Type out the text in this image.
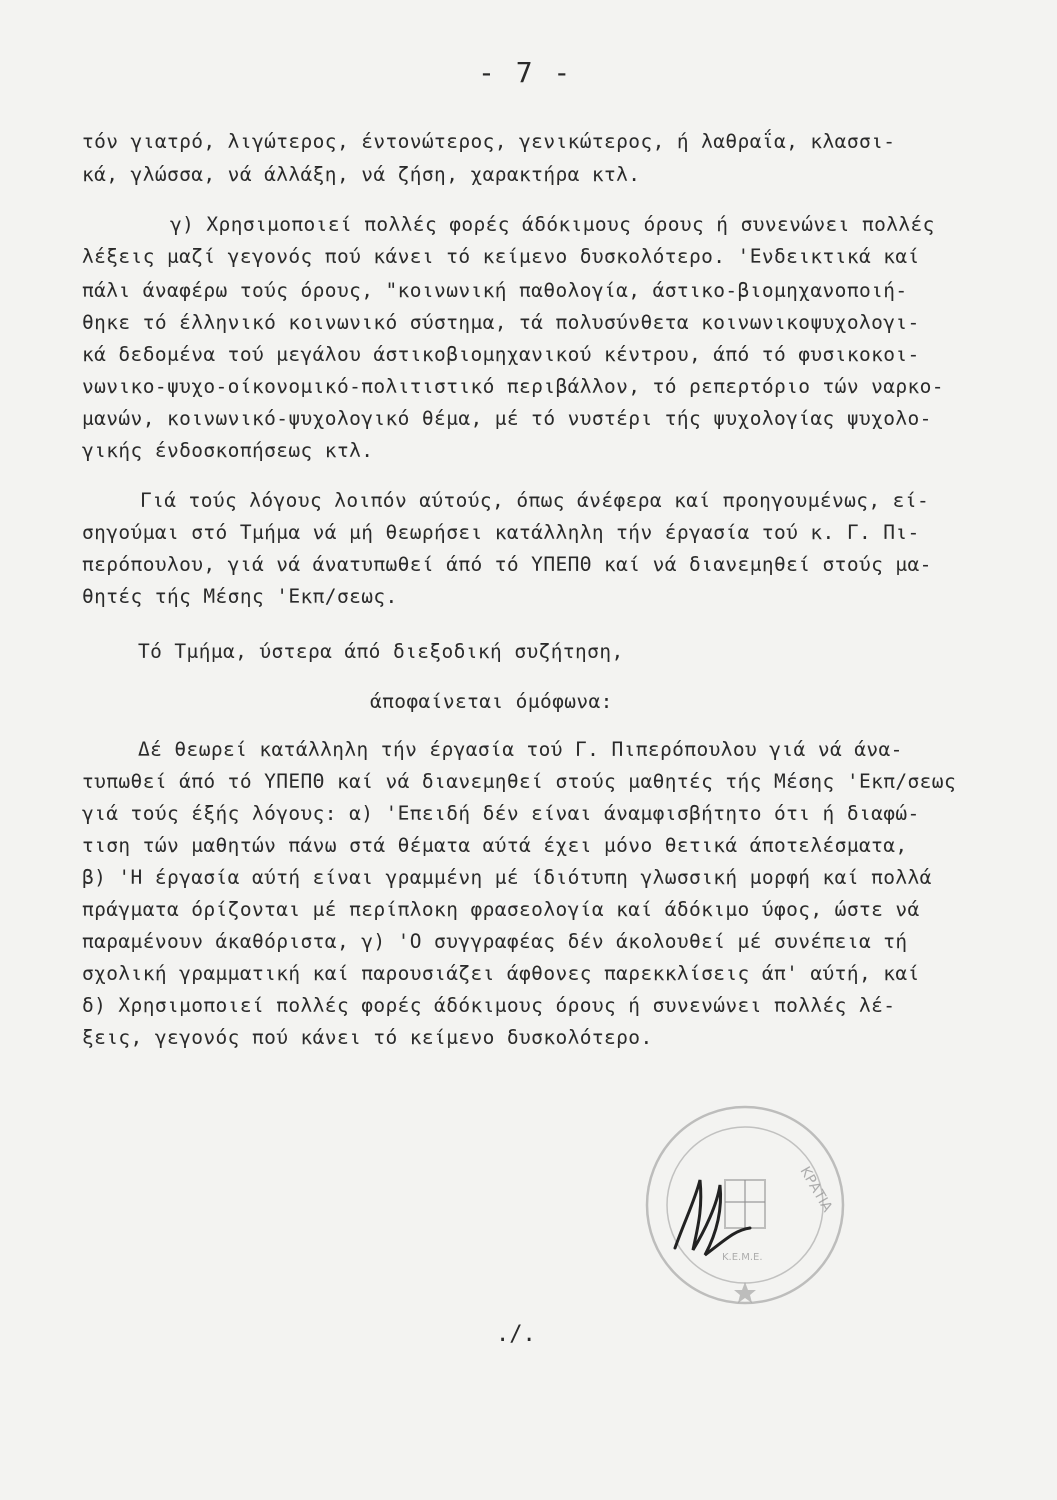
- 7 -
τόν γιατρό, λιγώτερος, έντονώτερος, γενικώτερος, ή λαθραΐα, κλασσι-
κά, γλώσσα, νά άλλάξη, νά ζήση, χαρακτήρα κτλ.
γ) Χρησιμοποιεί πολλές φορές άδόκιμους όρους ή συνενώνει πολλές
λέξεις μαζί γεγονός πού κάνει τό κείμενο δυσκολότερο. 'Ενδεικτικά καί
πάλι άναφέρω τούς όρους, "κοινωνική παθολογία, άστικο-βιομηχανοποιή-
θηκε τό έλληνικό κοινωνικό σύστημα, τά πολυσύνθετα κοινωνικοψυχολογι-
κά δεδομένα τού μεγάλου άστικοβιομηχανικού κέντρου, άπό τό φυσικοκοι-
νωνικο-ψυχο-οίκονομικό-πολιτιστικό περιβάλλον, τό ρεπερτόριο τών ναρκο-
μανών, κοινωνικό-ψυχολογικό θέμα, μέ τό νυστέρι τής ψυχολογίας ψυχολο-
γικής ένδοσκοπήσεως κτλ.
Γιά τούς λόγους λοιπόν αύτούς, όπως άνέφερα καί προηγουμένως, εί-
σηγούμαι στό Τμήμα νά μή θεωρήσει κατάλληλη τήν έργασία τού κ. Γ. Πι-
περόπουλου, γιά νά άνατυπωθεί άπό τό ΥΠΕΠΘ καί νά διανεμηθεί στούς μα-
θητές τής Μέσης 'Εκπ/σεως.
Τό Τμήμα, ύστερα άπό διεξοδική συζήτηση,
άποφαίνεται όμόφωνα:
Δέ θεωρεί κατάλληλη τήν έργασία τού Γ. Πιπερόπουλου γιά νά άνα-
τυπωθεί άπό τό ΥΠΕΠΘ καί νά διανεμηθεί στούς μαθητές τής Μέσης 'Εκπ/σεως
γιά τούς έξής λόγους: α) 'Επειδή δέν είναι άναμφισβήτητο ότι ή διαφώ-
τιση τών μαθητών πάνω στά θέματα αύτά έχει μόνο θετικά άποτελέσματα,
β) 'Η έργασία αύτή είναι γραμμένη μέ ίδιότυπη γλωσσική μορφή καί πολλά
πράγματα όρίζονται μέ περίπλοκη φρασεολογία καί άδόκιμο ύφος, ώστε νά
παραμένουν άκαθόριστα, γ) 'Ο συγγραφέας δέν άκολουθεί μέ συνέπεια τή
σχολική γραμματική καί παρουσιάζει άφθονες παρεκκλίσεις άπ' αύτή, καί
δ) Χρησιμοποιεί πολλές φορές άδόκιμους όρους ή συνενώνει πολλές λέ-
ξεις, γεγονός πού κάνει τό κείμενο δυσκολότερο.
ΚΡΑΤΙΑ
Κ.Ε.Μ.Ε.
./.
